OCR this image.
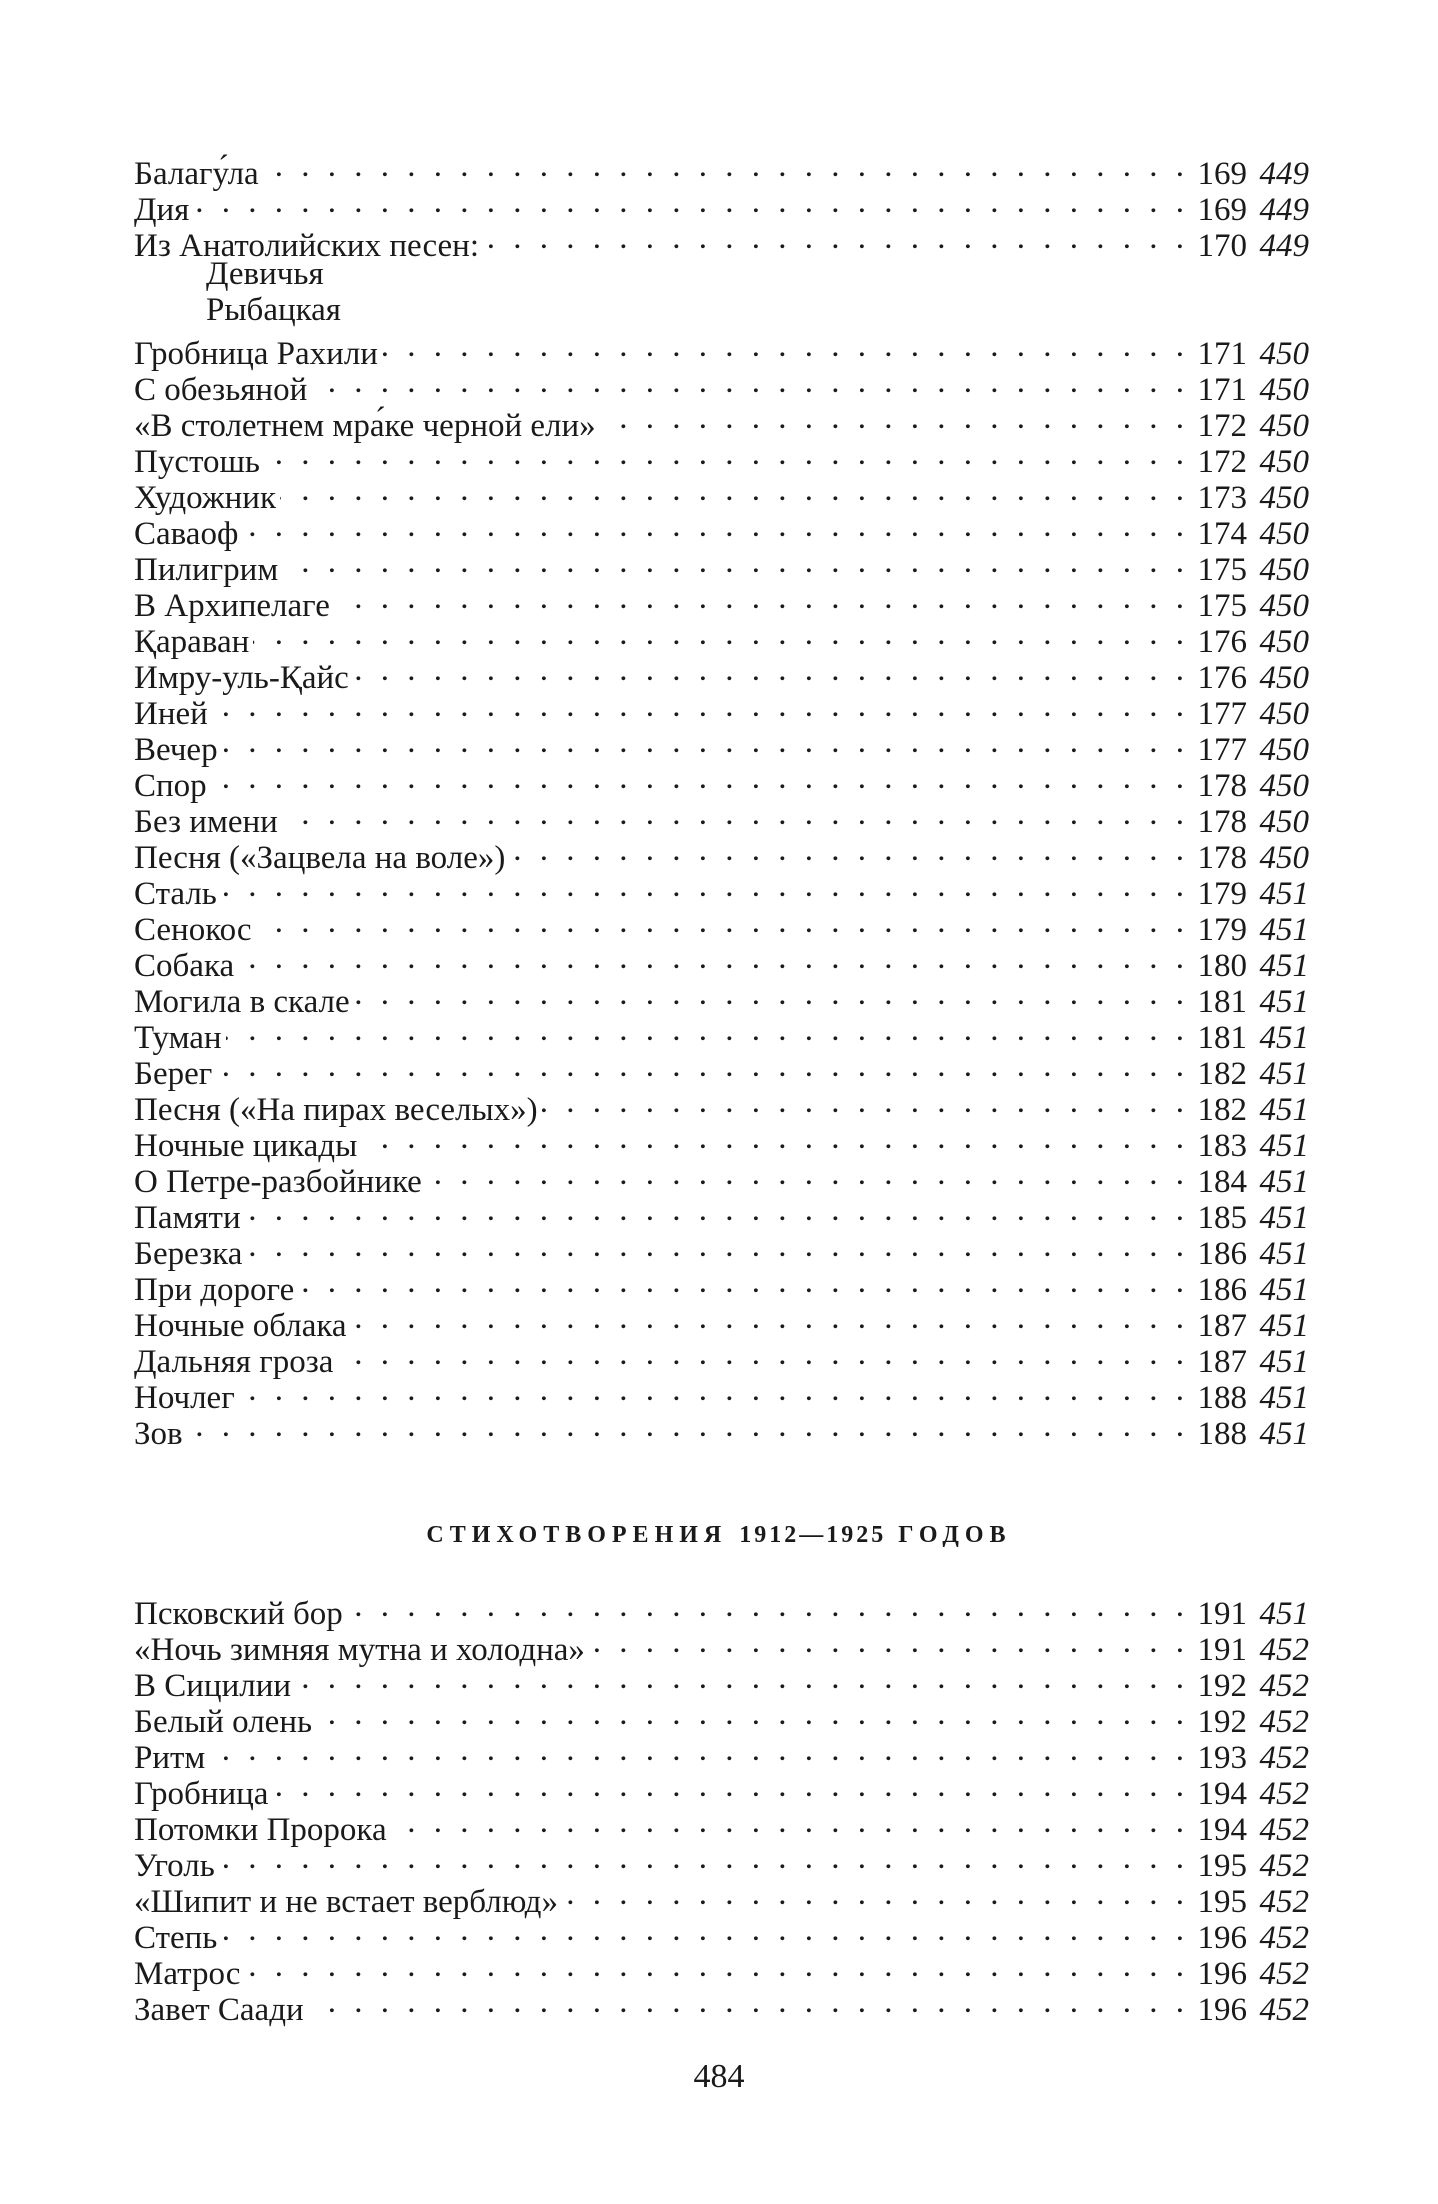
Балагу́ла . . .	169 449
Дия . . .	169 449
Из Анатолийских песен: . . .	170 449
Девичья
Рыбацкая
Гробница Рахили . . .	171 450
С обезьяной . . .	171 450
«В столетнем мра́ке черной ели» . . .	172 450
Пустошь . . .	172 450
Художник . . .	173 450
Саваоф . . .	174 450
Пилигрим . . .	175 450
В Архипелаге . . .	175 450
Қараван . . .	176 450
Имру-уль-Қайс . . .	176 450
Иней . . .	177 450
Вечер . . .	177 450
Спор . . .	178 450
Без имени . . .	178 450
Песня («Зацвела на воле») . . .	178 450
Сталь . . .	179 451
Сенокос . . .	179 451
Собака . . .	180 451
Могила в скале . . .	181 451
Туман . . .	181 451
Берег . . .	182 451
Песня («На пирах веселых») . . .	182 451
Ночные цикады . . .	183 451
О Петре-разбойнике . . .	184 451
Памяти . . .	185 451
Березка . . .	186 451
При дороге . . .	186 451
Ночные облака . . .	187 451
Дальняя гроза . . .	187 451
Ночлег . . .	188 451
Зов . . .	188 451
СТИХОТВОРЕНИЯ 1912—1925 ГОДОВ
Псковский бор . . .	191 451
«Ночь зимняя мутна и холодна» . . .	191 452
В Сицилии . . .	192 452
Белый олень . . .	192 452
Ритм . . .	193 452
Гробница . . .	194 452
Потомки Пророка . . .	194 452
Уголь . . .	195 452
«Шипит и не встает верблюд» . . .	195 452
Степь . . .	196 452
Матрос . . .	196 452
Завет Саади . . .	196 452
484
